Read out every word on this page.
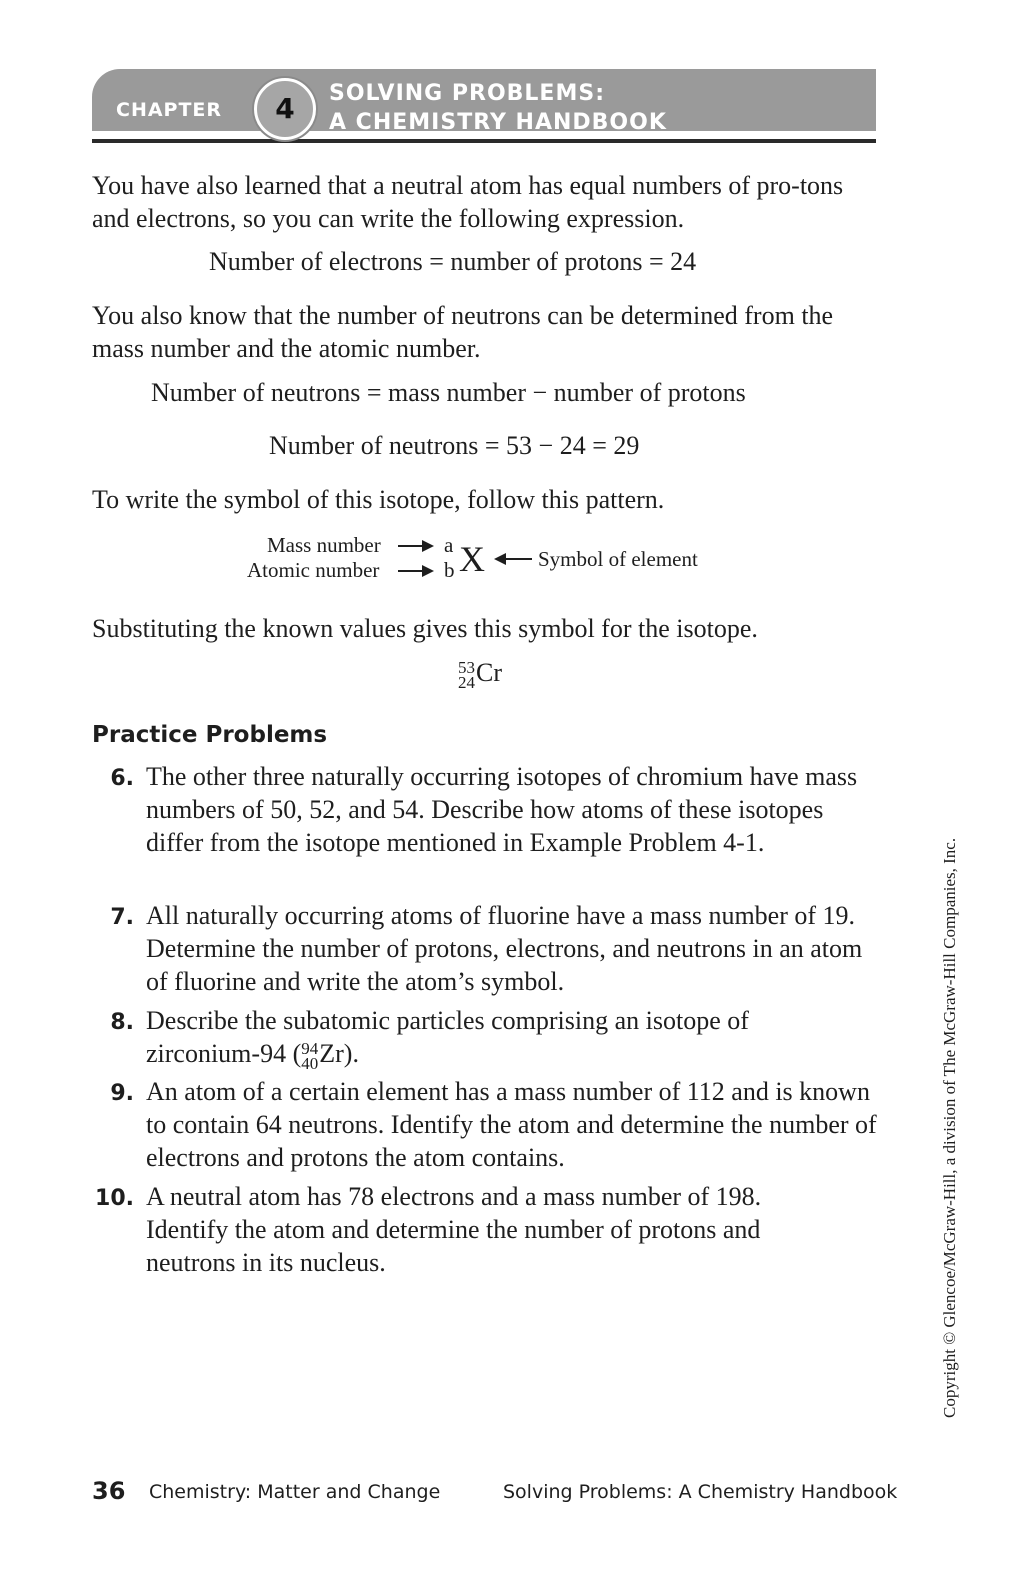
CHAPTER	4	SOLVING PROBLEMS:
A CHEMISTRY HANDBOOK

You have also learned that a neutral atom has equal numbers of pro-tons and electrons, so you can write the following expression.

Number of electrons = number of protons = 24

You also know that the number of neutrons can be determined from the mass number and the atomic number.

Number of neutrons = mass number − number of protons

Number of neutrons = 53 − 24 = 29

To write the symbol of this isotope, follow this pattern.

Mass number	a
Atomic number	b X	Symbol of element

Substituting the known values gives this symbol for the isotope.

53
24 Cr
Practice Problems
6. The other three naturally occurring isotopes of chromium have mass numbers of 50, 52, and 54. Describe how atoms of these isotopes differ from the isotope mentioned in Example Problem 4-1.
7. All naturally occurring atoms of fluorine have a mass number of 19. Determine the number of protons, electrons, and neutrons in an atom of fluorine and write the atom’s symbol.
8. Describe the subatomic particles comprising an isotope of zirconium-94 ( 94
40 Zr).
9. An atom of a certain element has a mass number of 112 and is known to contain 64 neutrons. Identify the atom and determine the number of electrons and protons the atom contains.
10. A neutral atom has 78 electrons and a mass number of 198. Identify the atom and determine the number of protons and neutrons in its nucleus.	Copyright © Glencoe/McGraw-Hill, a division of The McGraw-Hill Companies, Inc.
36 Chemistry: Matter and Change	Solving Problems: A Chemistry Handbook
